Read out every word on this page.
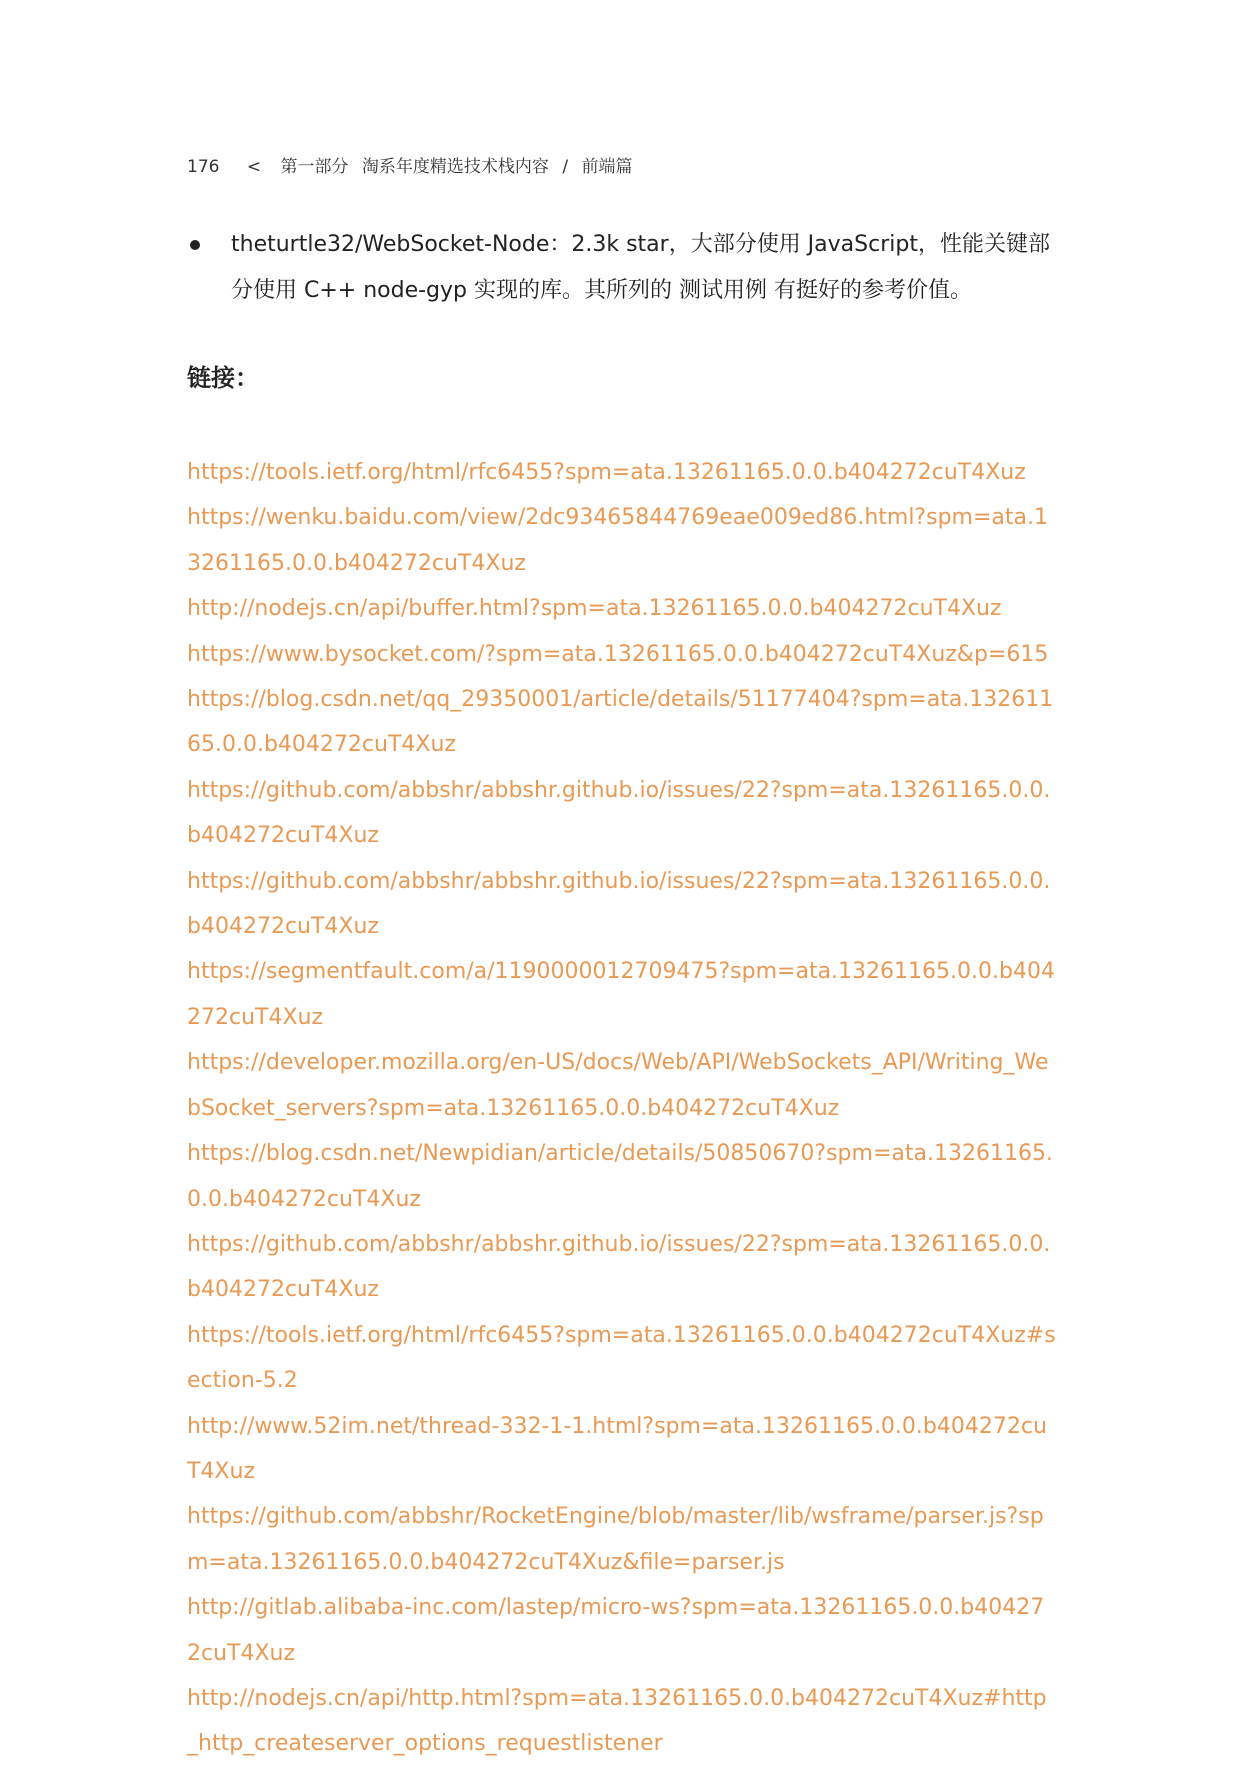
176 < 第一部分 淘系年度精选技术栈内容 / 前端篇
theturtle32/WebSocket-Node：2.3k star，大部分使用 JavaScript，性能关键部分使用 C++ node-gyp 实现的库。其所列的 测试用例 有挺好的参考价值。
链接：
https://tools.ietf.org/html/rfc6455?spm=ata.13261165.0.0.b404272cuT4Xuz
https://wenku.baidu.com/view/2dc93465844769eae009ed86.html?spm=ata.13261165.0.0.b404272cuT4Xuz
http://nodejs.cn/api/buffer.html?spm=ata.13261165.0.0.b404272cuT4Xuz
https://www.bysocket.com/?spm=ata.13261165.0.0.b404272cuT4Xuz&p=615
https://blog.csdn.net/qq_29350001/article/details/51177404?spm=ata.13261165.0.0.b404272cuT4Xuz
https://github.com/abbshr/abbshr.github.io/issues/22?spm=ata.13261165.0.0.b404272cuT4Xuz
https://github.com/abbshr/abbshr.github.io/issues/22?spm=ata.13261165.0.0.b404272cuT4Xuz
https://segmentfault.com/a/1190000012709475?spm=ata.13261165.0.0.b404272cuT4Xuz
https://developer.mozilla.org/en-US/docs/Web/API/WebSockets_API/Writing_WebSocket_servers?spm=ata.13261165.0.0.b404272cuT4Xuz
https://blog.csdn.net/Newpidian/article/details/50850670?spm=ata.13261165.0.0.b404272cuT4Xuz
https://github.com/abbshr/abbshr.github.io/issues/22?spm=ata.13261165.0.0.b404272cuT4Xuz
https://tools.ietf.org/html/rfc6455?spm=ata.13261165.0.0.b404272cuT4Xuz#section-5.2
http://www.52im.net/thread-332-1-1.html?spm=ata.13261165.0.0.b404272cuT4Xuz
https://github.com/abbshr/RocketEngine/blob/master/lib/wsframe/parser.js?spm=ata.13261165.0.0.b404272cuT4Xuz&file=parser.js
http://gitlab.alibaba-inc.com/lastep/micro-ws?spm=ata.13261165.0.0.b404272cuT4Xuz
http://nodejs.cn/api/http.html?spm=ata.13261165.0.0.b404272cuT4Xuz#http_http_createserver_options_requestlistener
